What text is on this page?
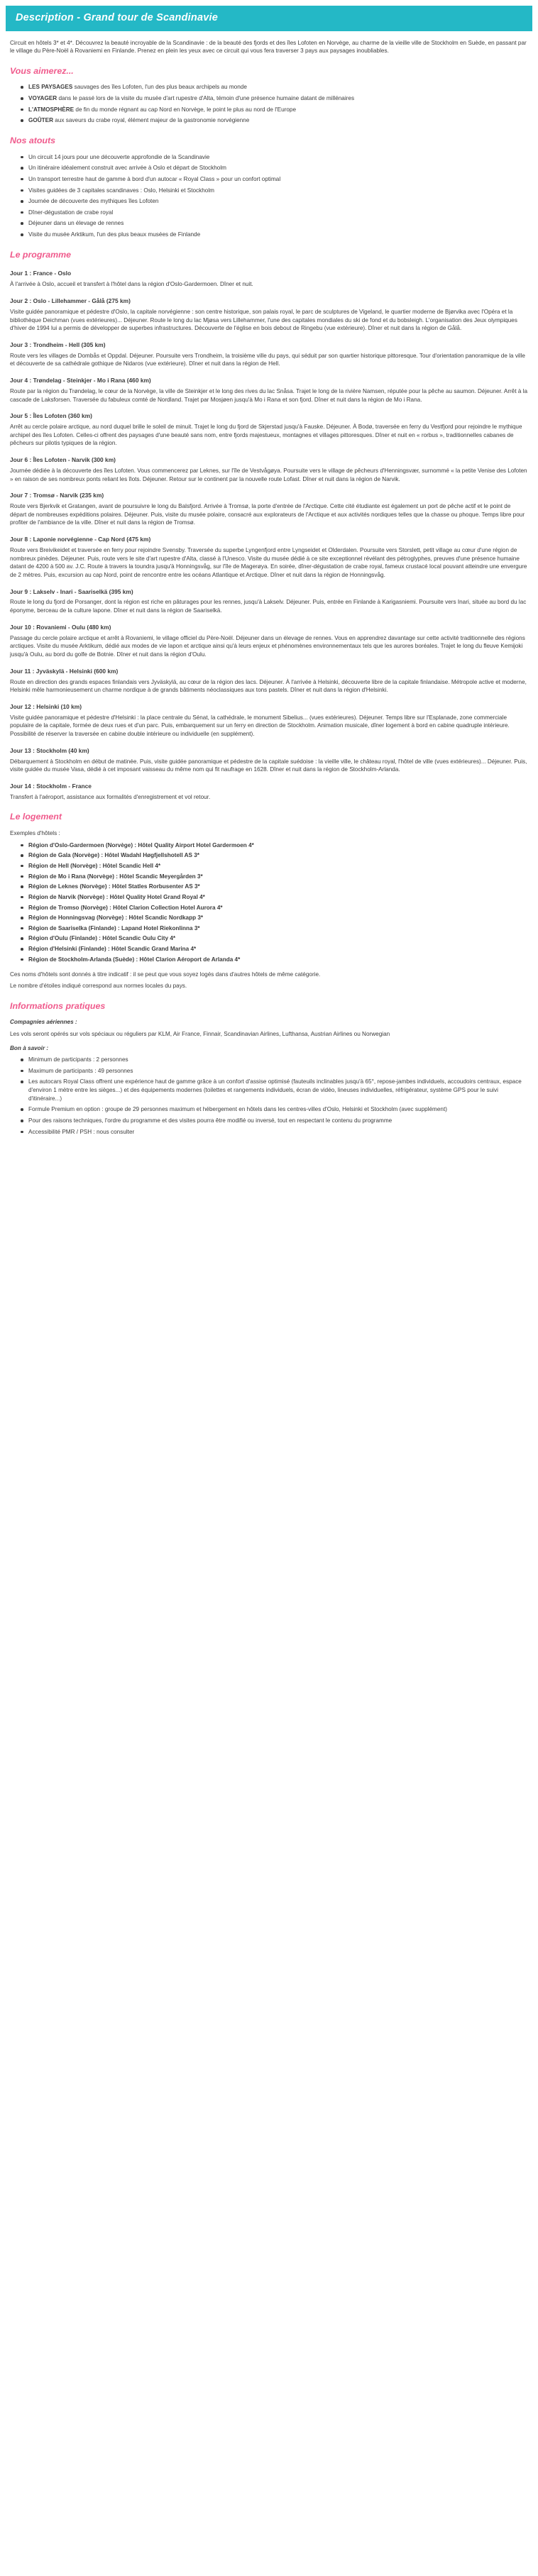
Description - Grand tour de Scandinavie

Circuit en hôtels 3* et 4*. Découvrez la beauté incroyable de la Scandinavie : de la beauté des fjords et des îles Lofoten en Norvège, au charme de la vieille ville de Stockholm en Suède, en passant par le village du Père-Noël à Rovaniemi en Finlande. Prenez en plein les yeux avec ce circuit qui vous fera traverser 3 pays aux paysages inoubliables.

Vous aimerez...
LES PAYSAGES sauvages des îles Lofoten, l'un des plus beaux archipels au monde
VOYAGER dans le passé lors de la visite du musée d'art rupestre d'Alta, témoin d'une présence humaine datant de millénaires
L'ATMOSPHÈRE de fin du monde régnant au cap Nord en Norvège, le point le plus au nord de l'Europe
GOÛTER aux saveurs du crabe royal, élément majeur de la gastronomie norvégienne
Nos atouts
Un circuit 14 jours pour une découverte approfondie de la Scandinavie
Un itinéraire idéalement construit avec arrivée à Oslo et départ de Stockholm
Un transport terrestre haut de gamme à bord d'un autocar « Royal Class » pour un confort optimal
Visites guidées de 3 capitales scandinaves : Oslo, Helsinki et Stockholm
Journée de découverte des mythiques îles Lofoten
Dîner-dégustation de crabe royal
Déjeuner dans un élevage de rennes
Visite du musée Arktikum, l'un des plus beaux musées de Finlande
Le programme
Jour 1 : France - Oslo

À l'arrivée à Oslo, accueil et transfert à l'hôtel dans la région d'Oslo-Gardermoen. Dîner et nuit.

Jour 2 : Oslo - Lillehammer - Gålå (275 km)

Visite guidée panoramique et pédestre d'Oslo, la capitale norvégienne : son centre historique, son palais royal, le parc de sculptures de Vigeland, le quartier moderne de Bjørvika avec l'Opéra et la bibliothèque Deichman (vues extérieures)... Déjeuner. Route le long du lac Mjøsa vers Lillehammer, l'une des capitales mondiales du ski de fond et du bobsleigh. L'organisation des Jeux olympiques d'hiver de 1994 lui a permis de développer de superbes infrastructures. Découverte de l'église en bois debout de Ringebu (vue extérieure). Dîner et nuit dans la région de Gålå.

Jour 3 : Trondheim - Hell (305 km)

Route vers les villages de Dombås et Oppdal. Déjeuner. Poursuite vers Trondheim, la troisième ville du pays, qui séduit par son quartier historique pittoresque. Tour d'orientation panoramique de la ville et découverte de sa cathédrale gothique de Nidaros (vue extérieure). Dîner et nuit dans la région de Hell.

Jour 4 : Trøndelag - Steinkjer - Mo i Rana (460 km)

Route par la région du Trøndelag, le cœur de la Norvège, la ville de Steinkjer et le long des rives du lac Snåsa. Trajet le long de la rivière Namsen, réputée pour la pêche au saumon. Déjeuner. Arrêt à la cascade de Laksforsen. Traversée du fabuleux comté de Nordland. Trajet par Mosjøen jusqu'à Mo i Rana et son fjord. Dîner et nuit dans la région de Mo i Rana.

Jour 5 : Îles Lofoten (360 km)

Arrêt au cercle polaire arctique, au nord duquel brille le soleil de minuit. Trajet le long du fjord de Skjerstad jusqu'à Fauske. Déjeuner. À Bodø, traversée en ferry du Vestfjord pour rejoindre le mythique archipel des îles Lofoten. Celles-ci offrent des paysages d'une beauté sans nom, entre fjords majestueux, montagnes et villages pittoresques. Dîner et nuit en « rorbus », traditionnelles cabanes de pêcheurs sur pilotis typiques de la région.

Jour 6 : Îles Lofoten - Narvik (300 km)

Journée dédiée à la découverte des îles Lofoten. Vous commencerez par Leknes, sur l'île de Vestvågøya. Poursuite vers le village de pêcheurs d'Henningsvær, surnommé « la petite Venise des Lofoten » en raison de ses nombreux ponts reliant les îlots. Déjeuner. Retour sur le continent par la nouvelle route Lofast. Dîner et nuit dans la région de Narvik.

Jour 7 : Tromsø - Narvik (235 km)

Route vers Bjerkvik et Gratangen, avant de poursuivre le long du Balsfjord. Arrivée à Tromsø, la porte d'entrée de l'Arctique. Cette cité étudiante est également un port de pêche actif et le point de départ de nombreuses expéditions polaires. Déjeuner. Puis, visite du musée polaire, consacré aux explorateurs de l'Arctique et aux activités nordiques telles que la chasse ou phoque. Temps libre pour profiter de l'ambiance de la ville. Dîner et nuit dans la région de Tromsø.

Jour 8 : Laponie norvégienne - Cap Nord (475 km)

Route vers Breivikeidet et traversée en ferry pour rejoindre Svensby. Traversée du superbe Lyngenfjord entre Lyngseidet et Olderdalen. Poursuite vers Storslett, petit village au cœur d'une région de nombreux pinèdes. Déjeuner. Puis, route vers le site d'art rupestre d'Alta, classé à l'Unesco. Visite du musée dédié à ce site exceptionnel révélant des pétroglyphes, preuves d'une présence humaine datant de 4200 à 500 av. J.C. Route à travers la toundra jusqu'à Honningsvåg, sur l'île de Magerøya. En soirée, dîner-dégustation de crabe royal, fameux crustacé local pouvant atteindre une envergure de 2 mètres. Puis, excursion au cap Nord, point de rencontre entre les océans Atlantique et Arctique. Dîner et nuit dans la région de Honningsvåg.

Jour 9 : Lakselv - Inari - Saariselkä (395 km)

Route le long du fjord de Porsanger, dont la région est riche en pâturages pour les rennes, jusqu'à Lakselv. Déjeuner. Puis, entrée en Finlande à Karigasniemi. Poursuite vers Inari, située au bord du lac éponyme, berceau de la culture lapone. Dîner et nuit dans la région de Saariselkä.

Jour 10 : Rovaniemi - Oulu (480 km)

Passage du cercle polaire arctique et arrêt à Rovaniemi, le village officiel du Père-Noël. Déjeuner dans un élevage de rennes. Vous en apprendrez davantage sur cette activité traditionnelle des régions arctiques. Visite du musée Arktikum, dédié aux modes de vie lapon et arctique ainsi qu'à leurs enjeux et phénomènes environnementaux tels que les aurores boréales. Trajet le long du fleuve Kemijoki jusqu'à Oulu, au bord du golfe de Botnie. Dîner et nuit dans la région d'Oulu.

Jour 11 : Jyväskylä - Helsinki (600 km)

Route en direction des grands espaces finlandais vers Jyväskylä, au cœur de la région des lacs. Déjeuner. À l'arrivée à Helsinki, découverte libre de la capitale finlandaise. Métropole active et moderne, Helsinki mêle harmonieusement un charme nordique à de grands bâtiments néoclassiques aux tons pastels. Dîner et nuit dans la région d'Helsinki.

Jour 12 : Helsinki (10 km)

Visite guidée panoramique et pédestre d'Helsinki : la place centrale du Sénat, la cathédrale, le monument Sibelius... (vues extérieures). Déjeuner. Temps libre sur l'Esplanade, zone commerciale populaire de la capitale, formée de deux rues et d'un parc. Puis, embarquement sur un ferry en direction de Stockholm. Animation musicale, dîner logement à bord en cabine quadruple intérieure. Possibilité de réserver la traversée en cabine double intérieure ou individuelle (en supplément).

Jour 13 : Stockholm (40 km)

Débarquement à Stockholm en début de matinée. Puis, visite guidée panoramique et pédestre de la capitale suédoise : la vieille ville, le château royal, l'hôtel de ville (vues extérieures)... Déjeuner. Puis, visite guidée du musée Vasa, dédié à cet imposant vaisseau du même nom qui fit naufrage en 1628. Dîner et nuit dans la région de Stockholm-Arlanda.

Jour 14 : Stockholm - France

Transfert à l'aéroport, assistance aux formalités d'enregistrement et vol retour.

Le logement

Exemples d'hôtels :

Région d'Oslo-Gardermoen (Norvège) : Hôtel Quality Airport Hotel Gardermoen 4*
Région de Gala (Norvège) : Hôtel Wadahl Høgfjellshotell AS 3*
Région de Hell (Norvège) : Hôtel Scandic Hell 4*
Région de Mo i Rana (Norvège) : Hôtel Scandic Meyergården 3*
Région de Leknes (Norvège) : Hôtel Statles Rorbusenter AS 3*
Région de Narvik (Norvège) : Hôtel Quality Hotel Grand Royal 4*
Région de Tromso (Norvège) : Hôtel Clarion Collection Hotel Aurora 4*
Région de Honningsvag (Norvège) : Hôtel Scandic Nordkapp 3*
Région de Saariselka (Finlande) : Lapand Hotel Riekonlinna 3*
Région d'Oulu (Finlande) : Hôtel Scandic Oulu City 4*
Région d'Helsinki (Finlande) : Hôtel Scandic Grand Marina 4*
Région de Stockholm-Arlanda (Suède) : Hôtel Clarion Aéroport de Arlanda 4*

Ces noms d'hôtels sont donnés à titre indicatif : il se peut que vous soyez logés dans d'autres hôtels de même catégorie.

Le nombre d'étoiles indiqué correspond aux normes locales du pays.

Informations pratiques

Compagnies aériennes :

Les vols seront opérés sur vols spéciaux ou réguliers par KLM, Air France, Finnair, Scandinavian Airlines, Lufthansa, Austrian Airlines ou Norwegian

Bon à savoir :

Minimum de participants : 2 personnes
Maximum de participants : 49 personnes
Les autocars Royal Class offrent une expérience haut de gamme grâce à un confort d'assise optimisé (fauteuils inclinables jusqu'à 65°, repose-jambes individuels, accoudoirs centraux, espace d'environ 1 mètre entre les sièges...) et des équipements modernes (toilettes et rangements individuels, écran de vidéo, lineuses individuelles, réfrigérateur, système GPS pour le suivi d'itinéraire...)
Formule Premium en option : groupe de 29 personnes maximum et hébergement en hôtels dans les centres-villes d'Oslo, Helsinki et Stockholm (avec supplément)
Pour des raisons techniques, l'ordre du programme et des visites pourra être modifié ou inversé, tout en respectant le contenu du programme
Accessibilité PMR / PSH : nous consulter
